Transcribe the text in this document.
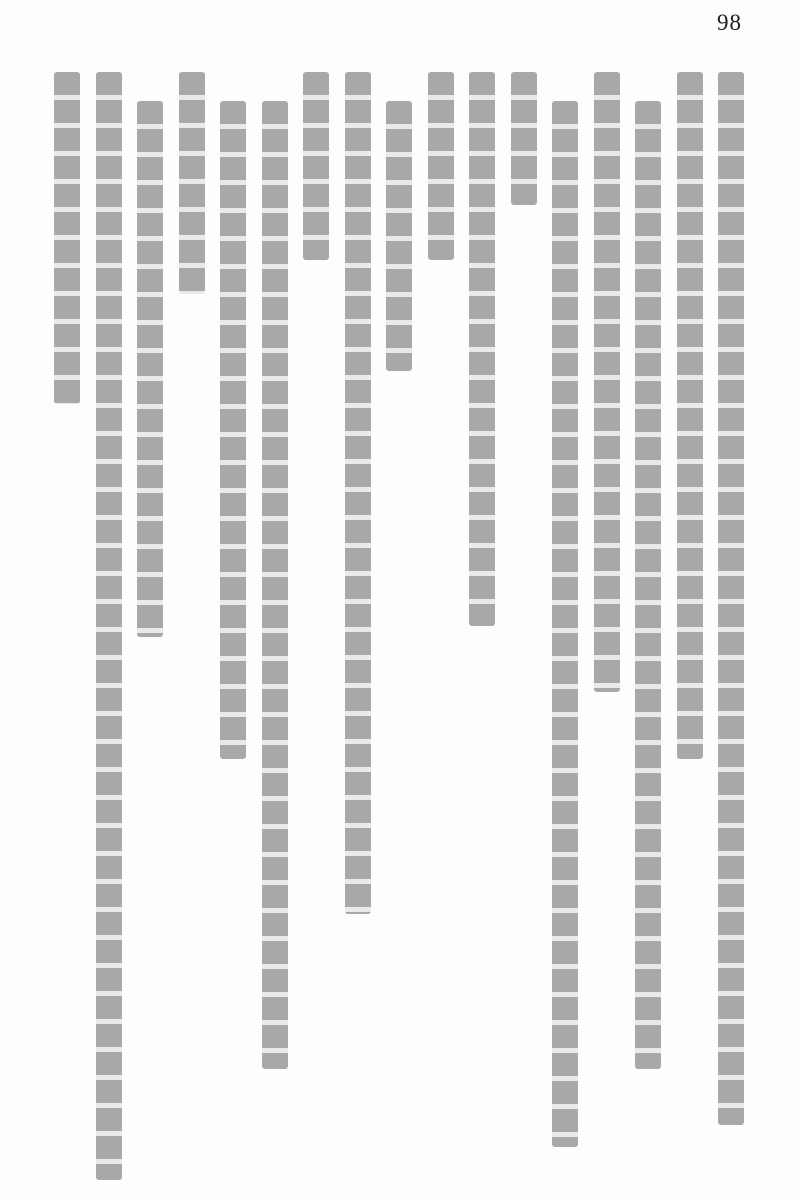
98
